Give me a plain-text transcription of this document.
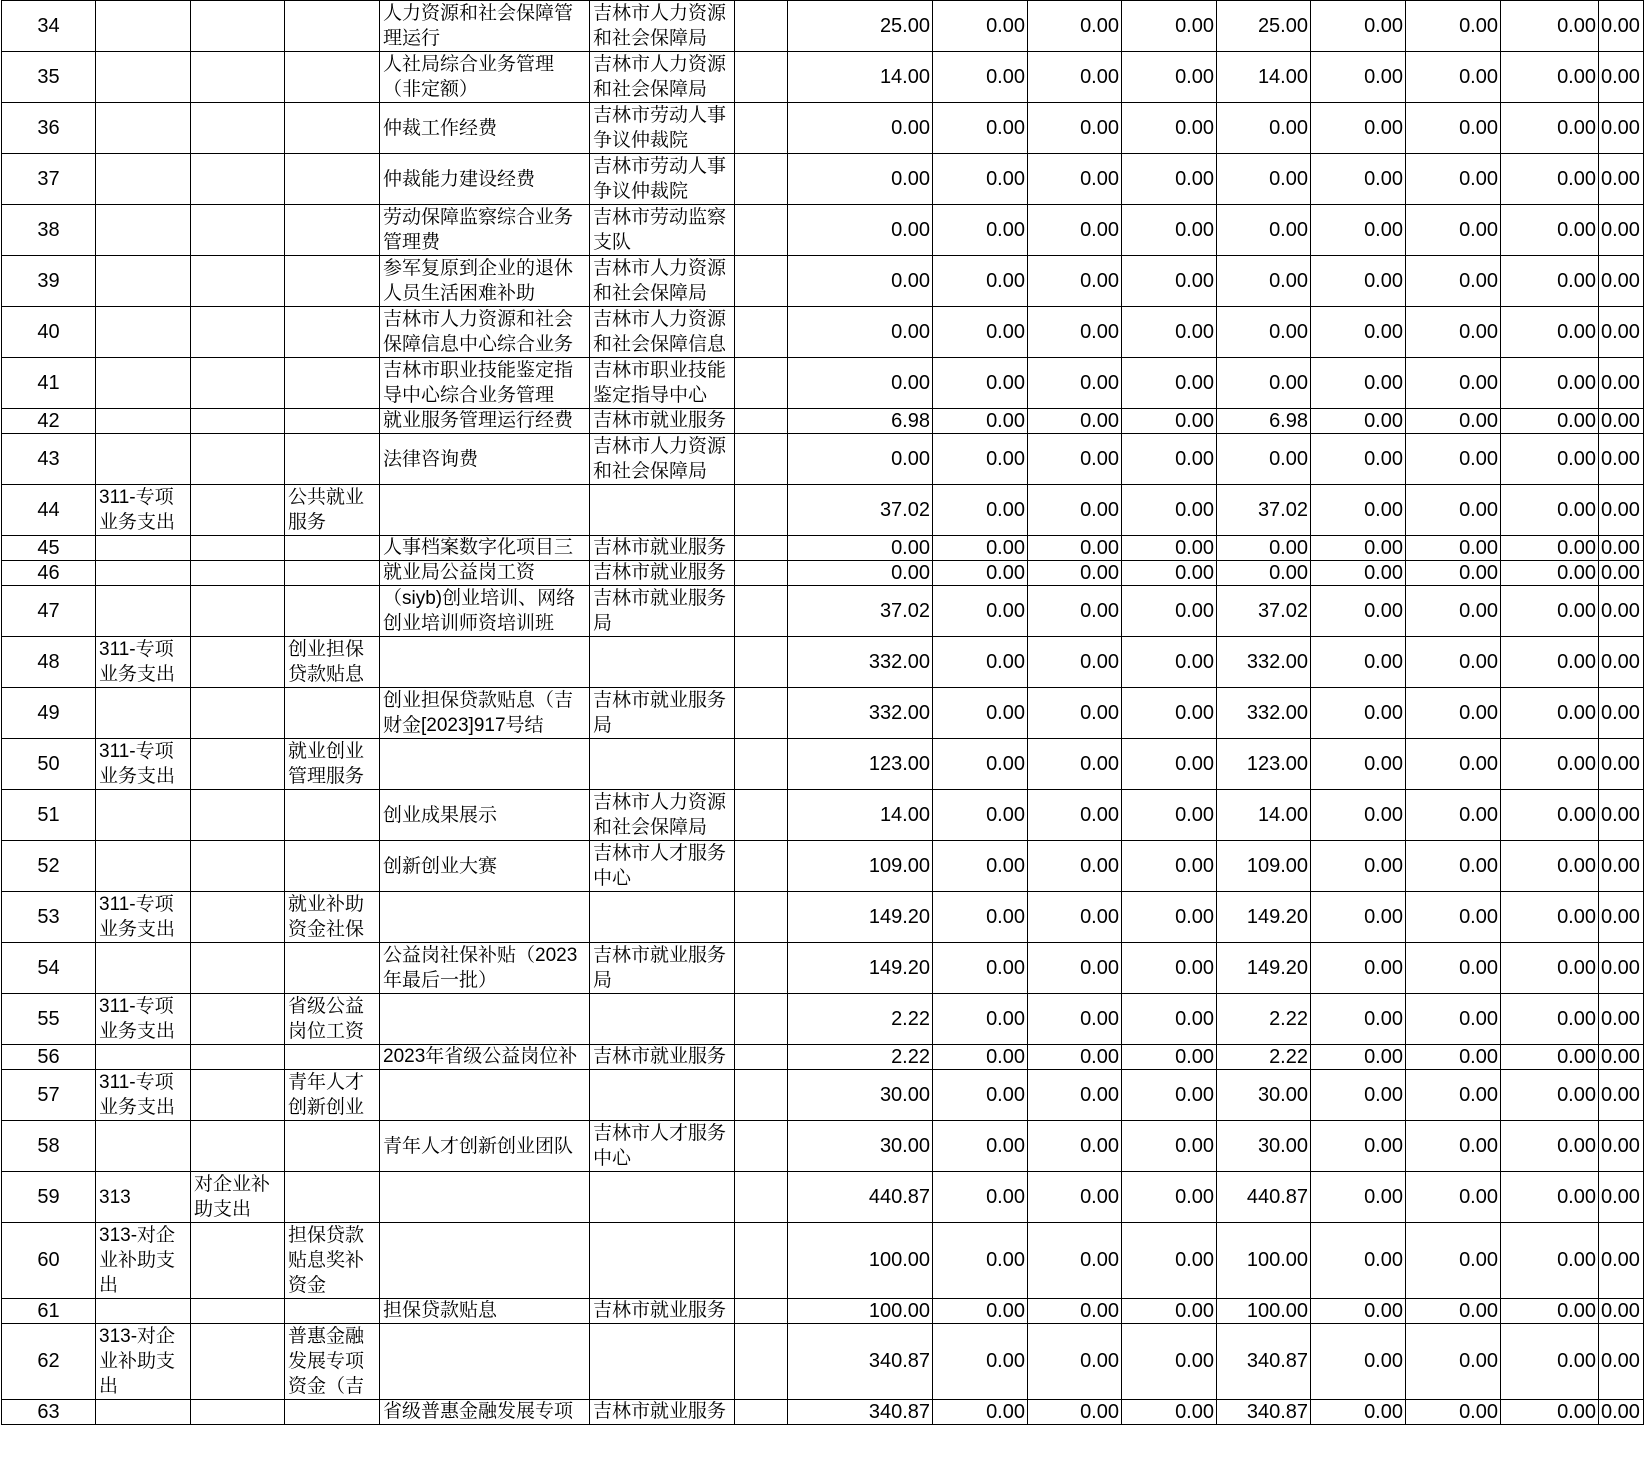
34				人力资源和社会保障管理运行	吉林市人力资源和社会保障局		25.00	0.00	0.00	0.00	25.00	0.00	0.00	0.00	0.00
35				人社局综合业务管理（非定额）	吉林市人力资源和社会保障局		14.00	0.00	0.00	0.00	14.00	0.00	0.00	0.00	0.00
36				仲裁工作经费	吉林市劳动人事争议仲裁院		0.00	0.00	0.00	0.00	0.00	0.00	0.00	0.00	0.00
37				仲裁能力建设经费	吉林市劳动人事争议仲裁院		0.00	0.00	0.00	0.00	0.00	0.00	0.00	0.00	0.00
38				劳动保障监察综合业务管理费	吉林市劳动监察支队		0.00	0.00	0.00	0.00	0.00	0.00	0.00	0.00	0.00
39				参军复原到企业的退休人员生活困难补助	吉林市人力资源和社会保障局		0.00	0.00	0.00	0.00	0.00	0.00	0.00	0.00	0.00
40				吉林市人力资源和社会保障信息中心综合业务	吉林市人力资源和社会保障信息		0.00	0.00	0.00	0.00	0.00	0.00	0.00	0.00	0.00
41				吉林市职业技能鉴定指导中心综合业务管理	吉林市职业技能鉴定指导中心		0.00	0.00	0.00	0.00	0.00	0.00	0.00	0.00	0.00
42				就业服务管理运行经费	吉林市就业服务		6.98	0.00	0.00	0.00	6.98	0.00	0.00	0.00	0.00
43				法律咨询费	吉林市人力资源和社会保障局		0.00	0.00	0.00	0.00	0.00	0.00	0.00	0.00	0.00
44	311-专项业务支出		公共就业服务				37.02	0.00	0.00	0.00	37.02	0.00	0.00	0.00	0.00
45				人事档案数字化项目三	吉林市就业服务		0.00	0.00	0.00	0.00	0.00	0.00	0.00	0.00	0.00
46				就业局公益岗工资	吉林市就业服务		0.00	0.00	0.00	0.00	0.00	0.00	0.00	0.00	0.00
47				（siyb)创业培训、网络创业培训师资培训班	吉林市就业服务局		37.02	0.00	0.00	0.00	37.02	0.00	0.00	0.00	0.00
48	311-专项业务支出		创业担保贷款贴息				332.00	0.00	0.00	0.00	332.00	0.00	0.00	0.00	0.00
49				创业担保贷款贴息（吉财金[2023]917号结	吉林市就业服务局		332.00	0.00	0.00	0.00	332.00	0.00	0.00	0.00	0.00
50	311-专项业务支出		就业创业管理服务				123.00	0.00	0.00	0.00	123.00	0.00	0.00	0.00	0.00
51				创业成果展示	吉林市人力资源和社会保障局		14.00	0.00	0.00	0.00	14.00	0.00	0.00	0.00	0.00
52				创新创业大赛	吉林市人才服务中心		109.00	0.00	0.00	0.00	109.00	0.00	0.00	0.00	0.00
53	311-专项业务支出		就业补助资金社保				149.20	0.00	0.00	0.00	149.20	0.00	0.00	0.00	0.00
54				公益岗社保补贴（2023年最后一批）	吉林市就业服务局		149.20	0.00	0.00	0.00	149.20	0.00	0.00	0.00	0.00
55	311-专项业务支出		省级公益岗位工资				2.22	0.00	0.00	0.00	2.22	0.00	0.00	0.00	0.00
56				2023年省级公益岗位补	吉林市就业服务		2.22	0.00	0.00	0.00	2.22	0.00	0.00	0.00	0.00
57	311-专项业务支出		青年人才创新创业				30.00	0.00	0.00	0.00	30.00	0.00	0.00	0.00	0.00
58				青年人才创新创业团队	吉林市人才服务中心		30.00	0.00	0.00	0.00	30.00	0.00	0.00	0.00	0.00
59	313	对企业补助支出					440.87	0.00	0.00	0.00	440.87	0.00	0.00	0.00	0.00
60	313-对企业补助支出		担保贷款贴息奖补资金				100.00	0.00	0.00	0.00	100.00	0.00	0.00	0.00	0.00
61				担保贷款贴息	吉林市就业服务		100.00	0.00	0.00	0.00	100.00	0.00	0.00	0.00	0.00
62	313-对企业补助支出		普惠金融发展专项资金（吉				340.87	0.00	0.00	0.00	340.87	0.00	0.00	0.00	0.00
63				省级普惠金融发展专项	吉林市就业服务		340.87	0.00	0.00	0.00	340.87	0.00	0.00	0.00	0.00
